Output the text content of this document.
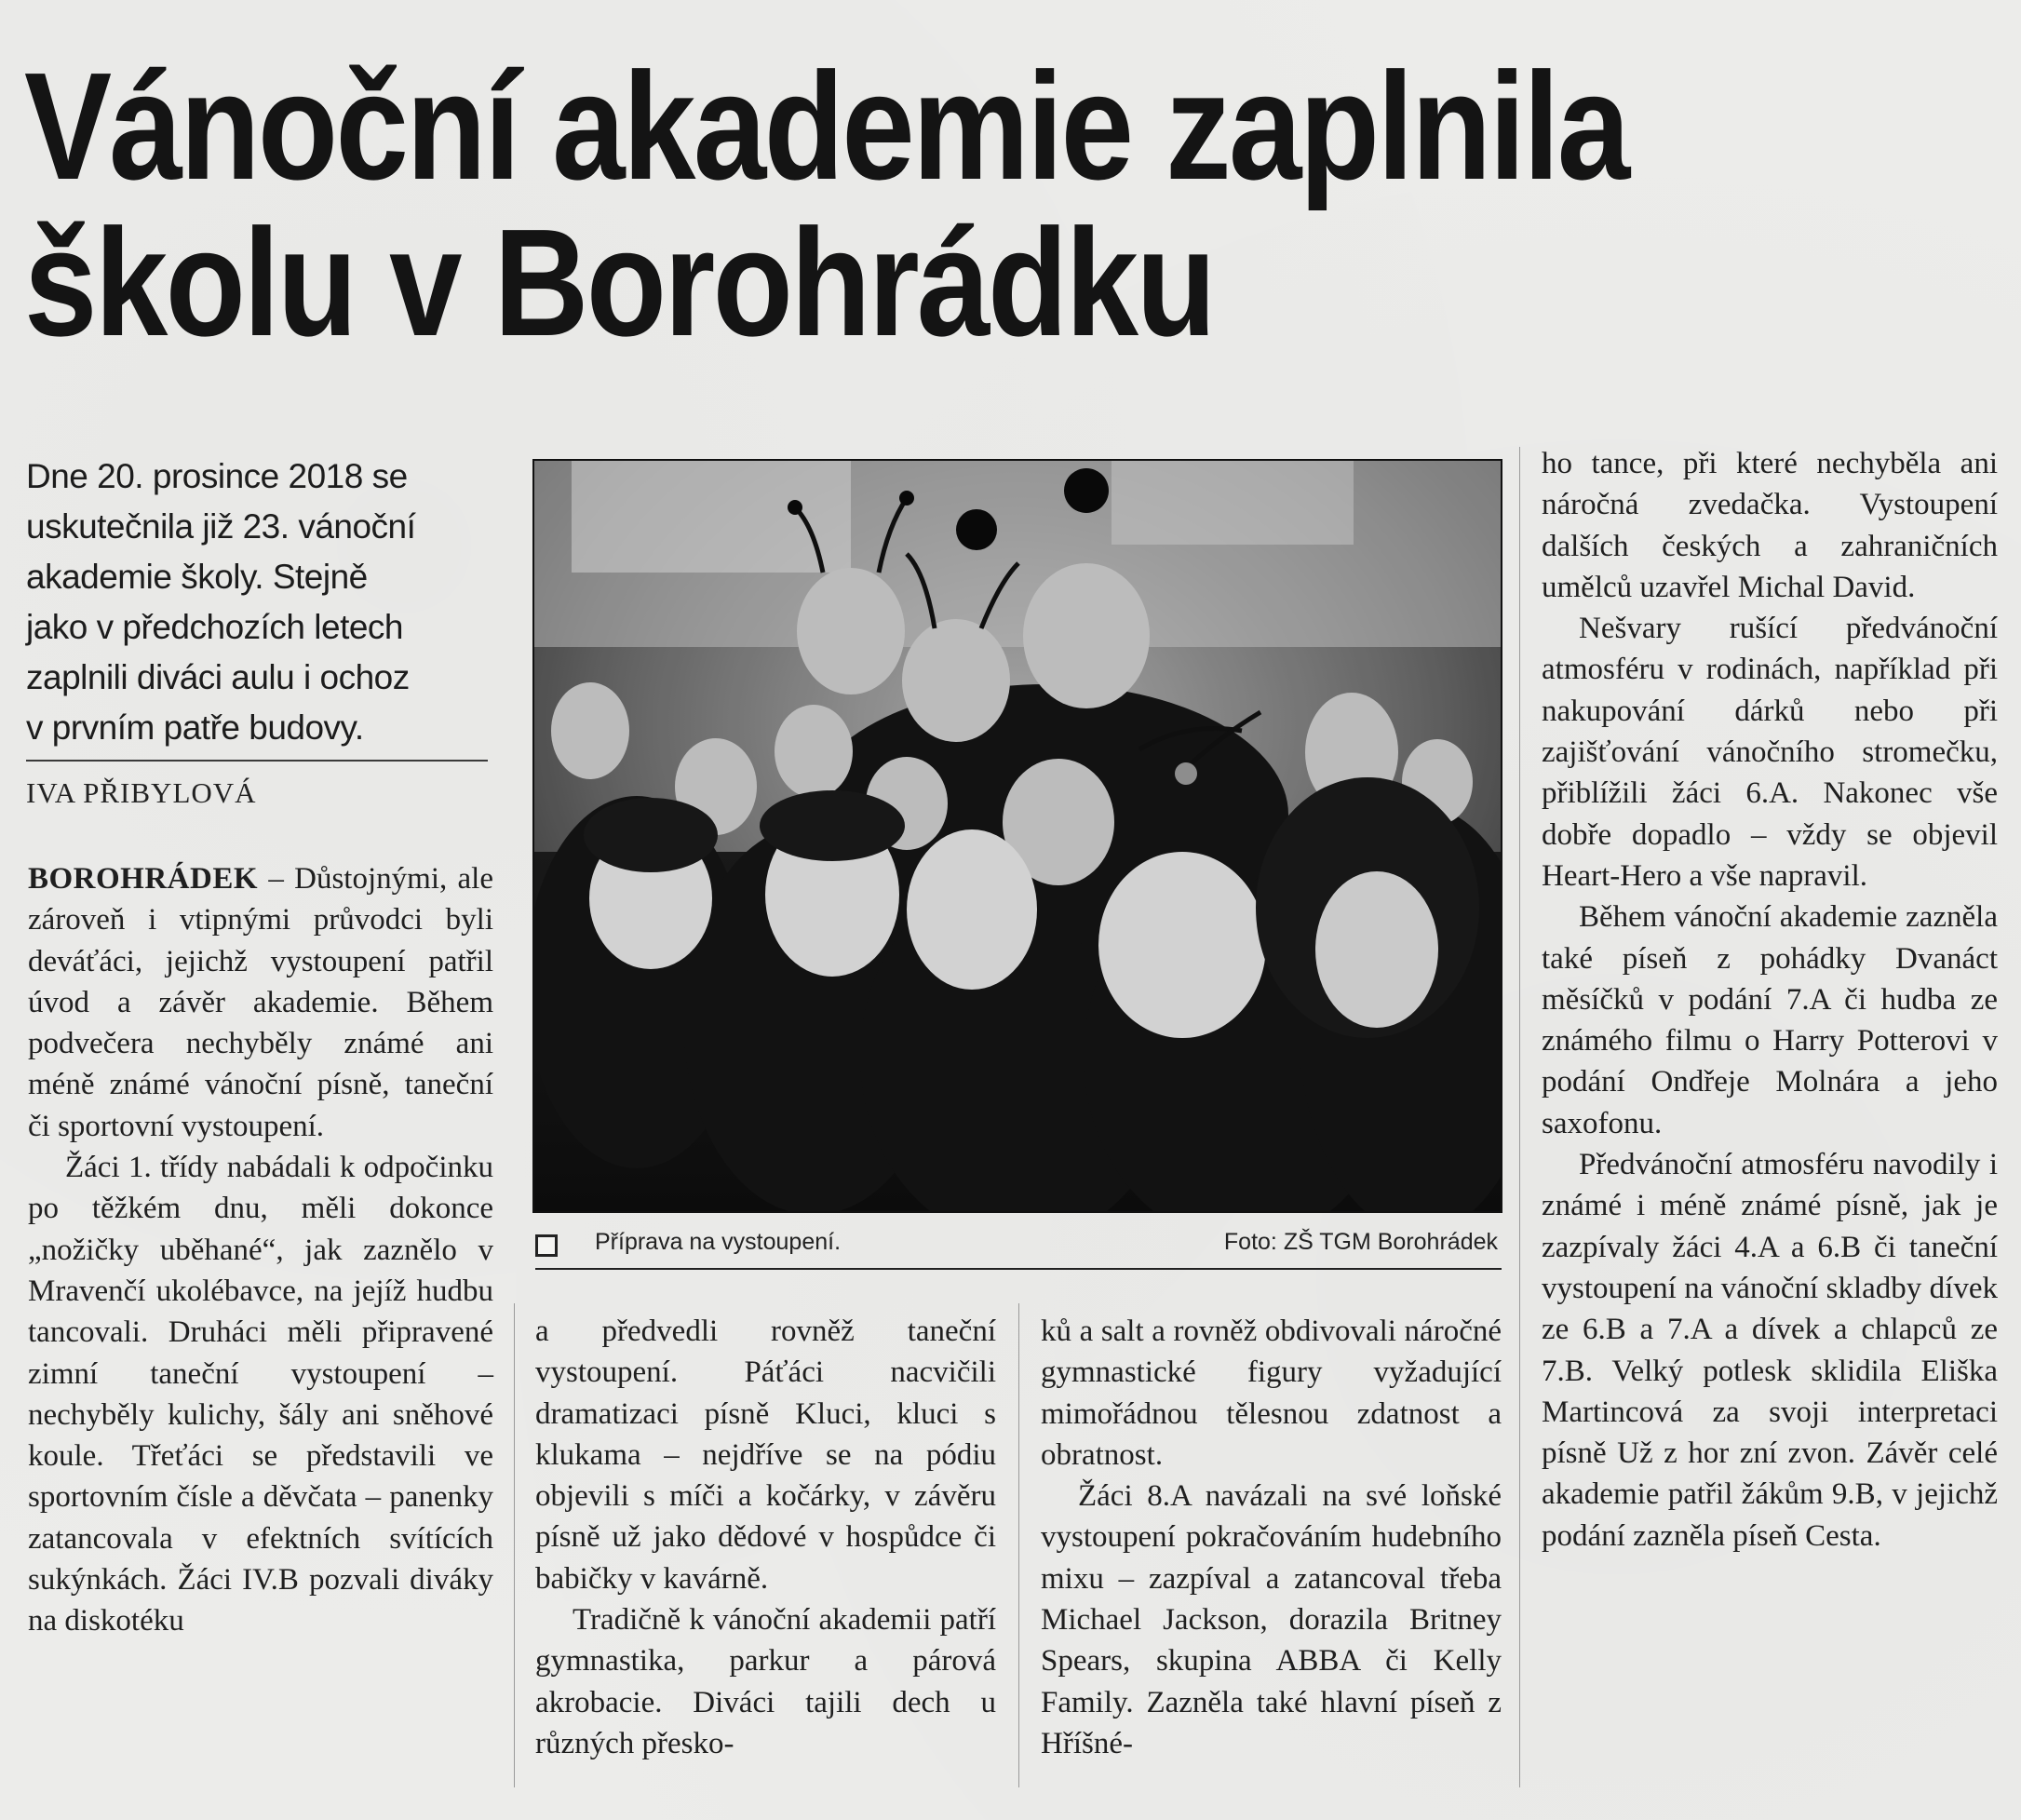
Vánoční akademie zaplnila
školu v Borohrádku
Dne 20. prosince 2018 se
uskutečnila již 23. vánoční
akademie školy. Stejně
jako v předchozích letech
zaplnili diváci aulu i ochoz
v prvním patře budovy.
IVA PŘIBYLOVÁ

BOROHRÁDEK – Důstojnými, ale zároveň i vtipnými průvodci byli deváťáci, jejichž vystoupení patřil úvod a závěr akademie. Během podvečera nechyběly známé ani méně známé vánoční písně, taneční či sportovní vystoupení.

Žáci 1. třídy nabádali k odpočinku po těžkém dnu, měli dokonce „nožičky uběhané“, jak zaznělo v Mravenčí ukolébavce, na jejíž hudbu tancovali. Druháci měli připravené zimní taneční vystoupení – nechyběly kulichy, šály ani sněhové koule. Třeťáci se představili ve sportovním čísle a děvčata – panenky zatancovala v efektních svítících sukýnkách. Žáci IV.B pozvali diváky na diskotéku

Příprava na vystoupení.	Foto: ZŠ TGM Borohrádek

a předvedli rovněž taneční vystoupení. Páťáci nacvičili dramatizaci písně Kluci, kluci s klukama – nejdříve se na pódiu objevili s míči a kočárky, v závěru písně už jako dědové v hospůdce či babičky v kavárně.

Tradičně k vánoční akademii patří gymnastika, parkur a párová akrobacie. Diváci tajili dech u různých přesko-

ků a salt a rovněž obdivovali náročné gymnastické figury vyžadující mimořádnou tělesnou zdatnost a obratnost.

Žáci 8.A navázali na své loňské vystoupení pokračováním hudebního mixu – zazpíval a zatancoval třeba Michael Jackson, dorazila Britney Spears, skupina ABBA či Kelly Family. Zazněla také hlavní píseň z Hříšné-

ho tance, při které nechyběla ani náročná zvedačka. Vystoupení dalších českých a zahraničních umělců uzavřel Michal David.

Nešvary rušící předvánoční atmosféru v rodinách, například při nakupování dárků nebo při zajišťování vánočního stromečku, přiblížili žáci 6.A. Nakonec vše dobře dopadlo – vždy se objevil Heart-Hero a vše napravil.

Během vánoční akademie zazněla také píseň z pohádky Dvanáct měsíčků v podání 7.A či hudba ze známého filmu o Harry Potterovi v podání Ondřeje Molnára a jeho saxofonu.

Předvánoční atmosféru navodily i známé i méně známé písně, jak je zazpívaly žáci 4.A a 6.B či taneční vystoupení na vánoční skladby dívek ze 6.B a 7.A a dívek a chlapců ze 7.B. Velký potlesk sklidila Eliška Martincová za svoji interpretaci písně Už z hor zní zvon. Závěr celé akademie patřil žákům 9.B, v jejichž podání zazněla píseň Cesta.
